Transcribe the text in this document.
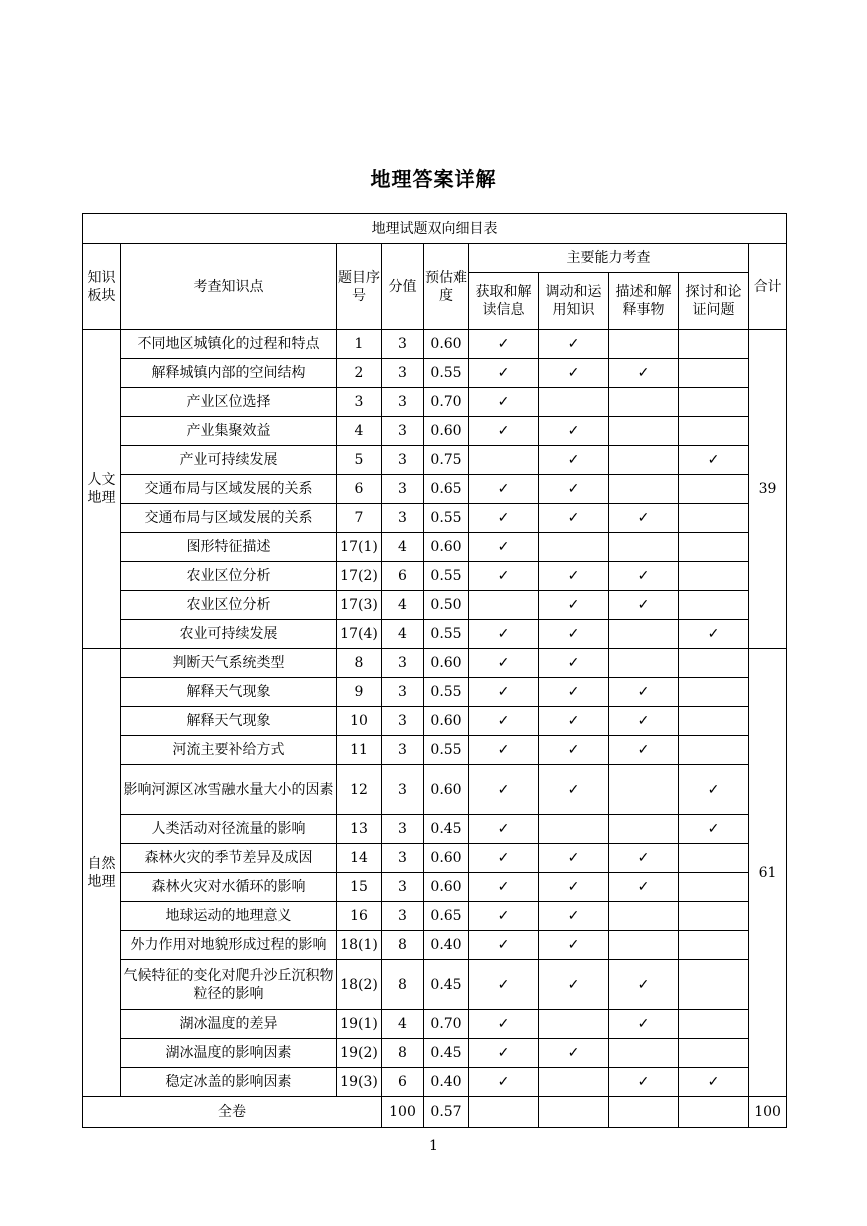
地理答案详解
地理试题双向细目表									
知识板块	考查知识点	题目序号	分值	预估难度	主要能力考查				合计
					获取和解读信息	调动和运用知识	描述和解释事物	探讨和论证问题	
人文地理	不同地区城镇化的过程和特点	1	3	0.60	✓	✓			39
	解释城镇内部的空间结构	2	3	0.55	✓	✓	✓		
	产业区位选择	3	3	0.70	✓				
	产业集聚效益	4	3	0.60	✓	✓			
	产业可持续发展	5	3	0.75		✓		✓	
	交通布局与区域发展的关系	6	3	0.65	✓	✓			
	交通布局与区域发展的关系	7	3	0.55	✓	✓	✓		
	图形特征描述	17(1)	4	0.60	✓				
	农业区位分析	17(2)	6	0.55	✓	✓	✓		
	农业区位分析	17(3)	4	0.50		✓	✓		
	农业可持续发展	17(4)	4	0.55	✓	✓		✓	
自然地理	判断天气系统类型	8	3	0.60	✓	✓			61
	解释天气现象	9	3	0.55	✓	✓	✓		
	解释天气现象	10	3	0.60	✓	✓	✓		
	河流主要补给方式	11	3	0.55	✓	✓	✓		
	影响河源区冰雪融水量大小的因素	12	3	0.60	✓	✓		✓	
	人类活动对径流量的影响	13	3	0.45	✓			✓	
	森林火灾的季节差异及成因	14	3	0.60	✓	✓	✓		
	森林火灾对水循环的影响	15	3	0.60	✓	✓	✓		
	地球运动的地理意义	16	3	0.65	✓	✓			
	外力作用对地貌形成过程的影响	18(1)	8	0.40	✓	✓			
	气候特征的变化对爬升沙丘沉积物粒径的影响	18(2)	8	0.45	✓	✓	✓		
	湖冰温度的差异	19(1)	4	0.70	✓		✓		
	湖冰温度的影响因素	19(2)	8	0.45	✓	✓			
	稳定冰盖的影响因素	19(3)	6	0.40	✓		✓	✓	
全卷			100	0.57					100
1
